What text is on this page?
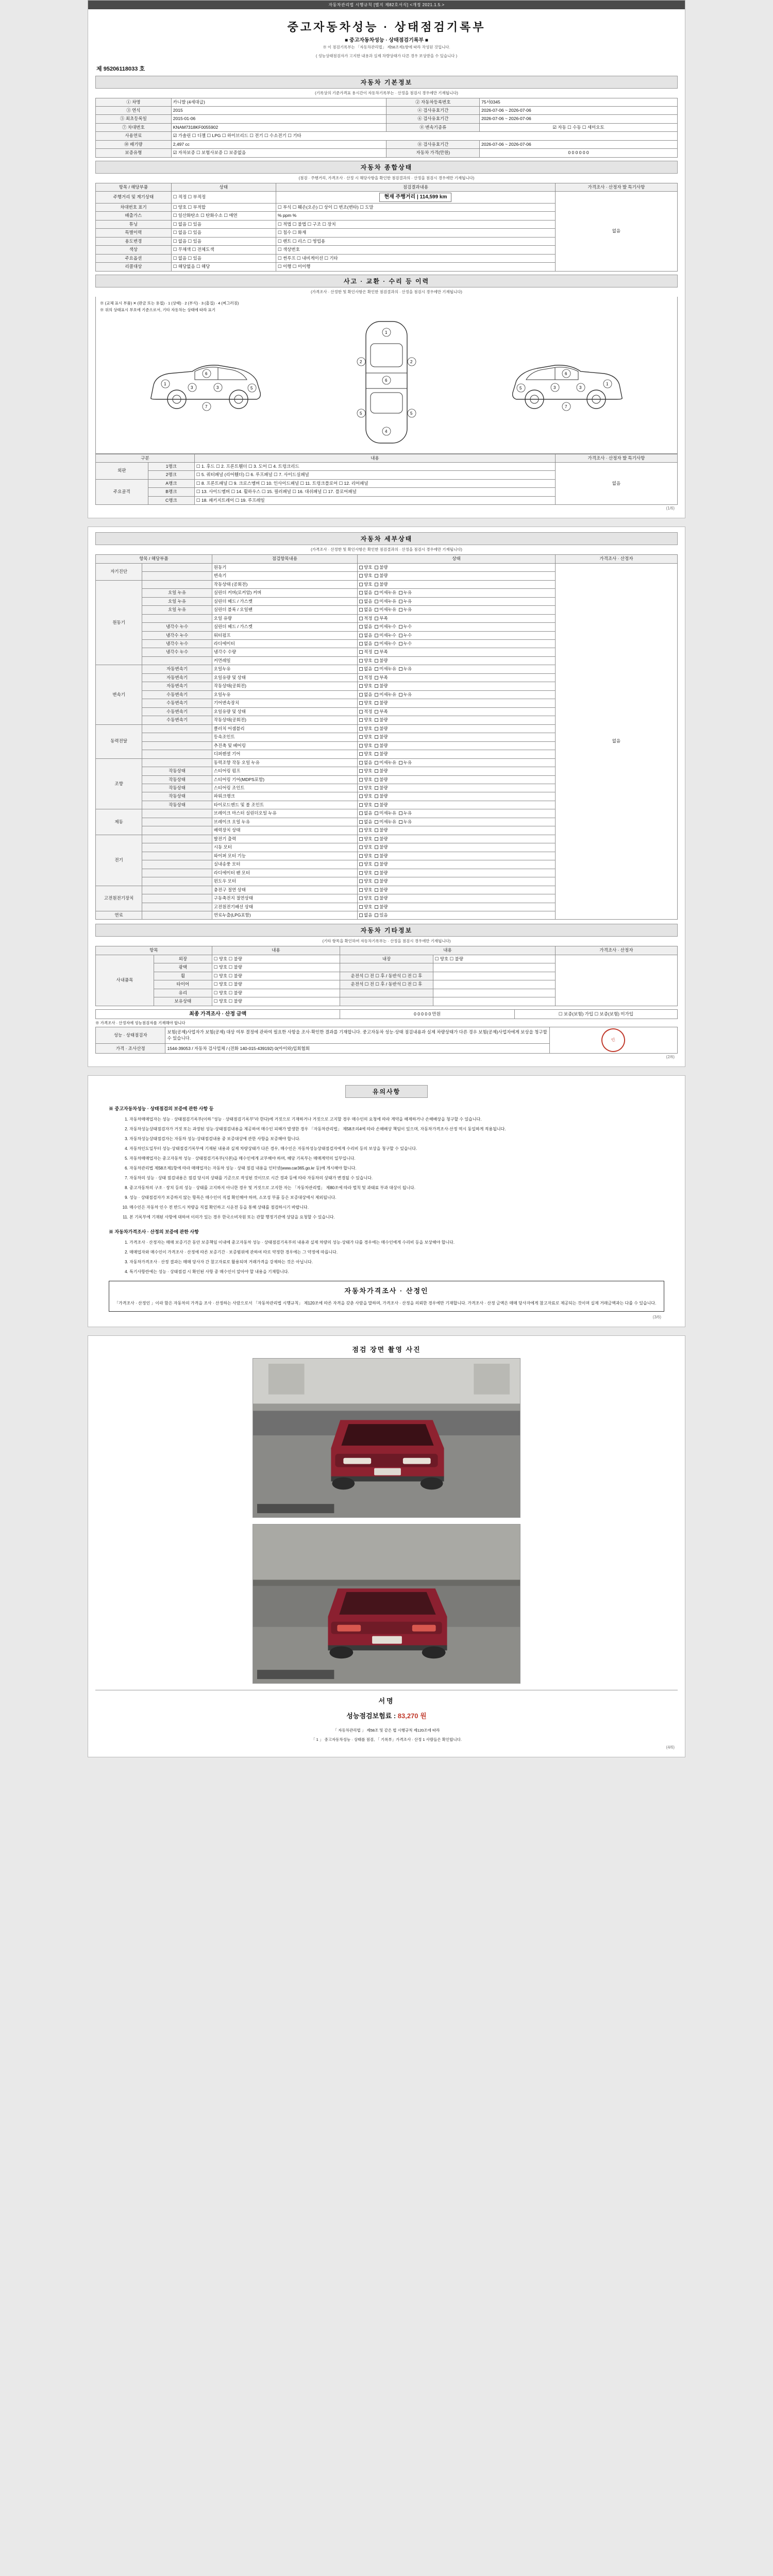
자동차관리법 시행규칙 [별지 제82호서식] <개정 2021.1.5.>
중고자동차성능 · 상태점검기록부
■ 중고자동차성능 · 상태점검기록부 ■
※ 이 점검기록부는 「자동차관리법」 제58조제1항에 따라 작성된 것입니다.
( 성능상태점검자가 고지한 내용과 실제 차량상태가 다른 경우 보상받을 수 있습니다 )
제 95206118033 호
자동차 기본정보
(기록상의 기준가격표 용시간이 자동차기록부는 · 산정을 점검시 경우에만 기재됩니다)
① 차명	카니발 (4세대급)	② 자동차등록번호	75서0345
③ 연식	2015	④ 검사유효기간	2026-07-06 ~ 2026-07-06
⑤ 최초등록일	2015-01-06	⑥ 검사유효기간	2026-07-06 ~ 2026-07-06
⑦ 차대번호	KNAM7318KF0055902	⑧ 변속기종류	☑ 자동 ☐ 수동 ☐ 세미오토
사용연료	☑ 가솔린 ☐ 디젤 ☐ LPG ☐ 하이브리드 ☐ 전기 ☐ 수소전기 ☐ 기타		
⑩ 배기량	2,497 cc	⑪ 검사유효기간	2026-07-06 ~ 2026-07-06
보증유형	☑ 자차보증 ☐ 보험사보증 ☐ 보증없음	자동차 가격(만원)	0 0 0 0 0 0
자동차 종합상태
(점검 · 주행거리, 가격조사 · 산정 시 해당사항을 확인한 점검결과의 · 산정을 점검시 경우에만 기재됩니다)
항목 / 해당부품	상태	점검결과내용	가격조사 · 산정자 발 특기사항
주행거리 및 계기상태	☐ 적정 ☐ 부적정	현재 주행거리 | 114,599 km	없음
차대번호 표기	☐ 양호 ☐ 부적합	☐ 부식 ☐ 훼손(오손) ☐ 상이 ☐ 변조(변타) ☐ 도말	
배출가스	☐ 일산화탄소 ☐ 탄화수소 ☐ 매연	% ppm %	
튜닝	☐ 없음 ☐ 있음	☐ 적법 ☐ 불법 ☐ 구조 ☐ 장치	
특별이력	☐ 없음 ☐ 있음	☐ 침수 ☐ 화재	
용도변경	☐ 없음 ☐ 있음	☐ 렌트 ☐ 리스 ☐ 영업용	
색상	☐ 무채색 ☐ 전체도색	☐ 색상번호	
주요옵션	☐ 없음 ☐ 있음	☐ 썬루프 ☐ 내비게이션 ☐ 기타	
리콜대상	☐ 해당없음 ☐ 해당	☐ 이행 ☐ 미이행	
사고 · 교환 · 수리 등 이력
(가격조사 · 산정한 및 확인사항은 확인한 점검결과의 · 산정을 점검시 경우에만 기재됩니다)
※ (교체 표시 부품) ✕ (판금 또는 용접) · 1 (상태) · 2 (부식) · 3 (흠집) · 4 (찌그러짐)
※ 위의 상태표시 부호에 기준으로서, 기타 자동차는 상태에 따라 표기
1
3	3	5
6
7
1
6
4
2	2
5	5
1
3
3
5
6
7
구분		내용	가격조사 · 산정자 발 특기사항
외판	1랭크	☐ 1. 후드 ☐ 2. 프론트휀더 ☐ 3. 도어 ☐ 4. 트렁크리드	없음
	2랭크	☐ 5. 쿼터패널 (리어휀더) ☐ 6. 루프패널 ☐ 7. 사이드실패널	
주요골격	A랭크	☐ 8. 프론트패널 ☐ 9. 크로스멤버 ☐ 10. 인사이드패널 ☐ 11. 트렁크플로어 ☐ 12. 리어패널	
	B랭크	☐ 13. 사이드멤버 ☐ 14. 휠하우스 ☐ 15. 필러패널 ☐ 16. 대쉬패널 ☐ 17. 플로어패널	
	C랭크	☐ 18. 패키지트레이 ☐ 19. 루프레일	
(1/6)
자동차 세부상태
(가격조사 · 산정한 및 확인사항은 확인한 점검결과의 · 산정을 점검시 경우에만 기재됩니다)
항목 / 해당부품		점검항목내용	상태	가격조사 · 산정자
자기진단		원동기	양호 불량	없음
		변속기	양호 불량	
원동기		작동상태 (공회전)	양호 불량	
	오일 누유	실린더 커버(로커암) 커버	없음 미세누유 누유	
	오일 누유	실린더 헤드 / 가스켓	없음 미세누유 누유	
	오일 누유	실린더 블록 / 오일팬	없음 미세누유 누유	
		오일 유량	적정 부족	
	냉각수 누수	실린더 헤드 / 가스켓	없음 미세누수 누수	
	냉각수 누수	워터펌프	없음 미세누수 누수	
	냉각수 누수	라디에이터	없음 미세누수 누수	
	냉각수 누수	냉각수 수량	적정 부족	
		커먼레일	양호 불량	
변속기	자동변속기	오일누유	없음 미세누유 누유	
	자동변속기	오일유량 및 상태	적정 부족	
	자동변속기	작동상태(공회전)	양호 불량	
	수동변속기	오일누유	없음 미세누유 누유	
	수동변속기	기어변속장치	양호 불량	
	수동변속기	오일유량 및 상태	적정 부족	
	수동변속기	작동상태(공회전)	양호 불량	
동력전달		클러치 어셈블리	양호 불량	
		등속조인트	양호 불량	
		추진축 및 베어링	양호 불량	
		디퍼렌셜 기어	양호 불량	
조향		동력조향 작동 오일 누유	없음 미세누유 누유	
	작동상태	스티어링 펌프	양호 불량	
	작동상태	스티어링 기어(MDPS포함)	양호 불량	
	작동상태	스티어링 조인트	양호 불량	
	작동상태	파워크랭크	양호 불량	
	작동상태	타이로드엔드 및 볼 조인트	양호 불량	
제동		브레이크 마스터 실린더오일 누유	없음 미세누유 누유	
		브레이크 오일 누유	없음 미세누유 누유	
		배력장치 상태	양호 불량	
전기		발전기 출력	양호 불량	
		시동 모터	양호 불량	
		와이퍼 모터 기능	양호 불량	
		실내송풍 모터	양호 불량	
		라디에이터 팬 모터	양호 불량	
		윈도우 모터	양호 불량	
고전원전기장치		충전구 절연 상태	양호 불량	
		구동축전지 절연상태	양호 불량	
		고전원전기배선 상태	양호 불량	
연료		연료누출(LPG포함)	없음 있음	
자동차 기타정보
(기타 항목을 확인하여 자동차기록부는 · 산정을 점검시 경우에만 기재됩니다)
항목		내용	내용		가격조사 · 산정자
사내품목	외장	☐ 양호 ☐ 불량	내장	☐ 양호 ☐ 불량	
	광택	☐ 양호 ☐ 불량			
	휠	☐ 양호 ☐ 불량	운전석 ☐ 전 ☐ 후 / 동반석 ☐ 전 ☐ 후		
	타이어	☐ 양호 ☐ 불량	운전석 ☐ 전 ☐ 후 / 동반석 ☐ 전 ☐ 후		
	유리	☐ 양호 ☐ 불량			
	보유상태	☐ 양호 ☐ 불량			
최종 가격조사 · 산정 금액	0 0 0 0 0 만원	☐ 보증(보험) 가입 ☐ 보증(보험) 미가입
※ 가격조사 · 산정자에 성능점검자를 기재해야 합니다
성능 · 상태점검자	보험(공제)사업자가 보험(공제) 대상 여부 결정에 관하여 필요한 사항을 조사·확인한 결과를 기재합니다. 중고자동차 성능·상태 점검내용과 실제 차량상태가 다른 경우 보험(공제)사업자에게 보상을 청구할 수 있습니다.	인

가격 · 조사산정	1544-39053 / 자동차 검사업체 / (전화 140-015-439192) 0(아이와)입회협회	
(2/6)
유의사항
※ 중고자동차성능 · 상태점검의 보증에 관한 사항 등
1. 자동차매매업자는 성능 · 상태점검기록부(이하 "성능 · 상태점검기록부"라 한다)에 거짓으로 기재하거나 거짓으로 고지할 경우 매수인의 요청에 따라 계약을 해제하거나 손해배상을 청구할 수 있습니다.
2. 자동차성능상태점검자가 거짓 또는 과장된 성능·상태점검내용을 제공하여 매수인 피해가 발생한 경우 「자동차관리법」 제58조의4에 따라 손해배상 책임이 있으며, 자동차가격조사·산정 역시 동일하게 적용됩니다.
3. 자동차성능상태점검자는 자동차 성능·상태점검내용 중 보증대상에 관한 사항을 보증해야 합니다.
4. 자동차인도일부터 성능·상태점검기록부에 기재된 내용과 실제 차량상태가 다른 경우, 매수인은 자동차성능상태점검자에게 수리비 등의 보상을 청구할 수 있습니다.
5. 자동차매매업자는 중고자동차 성능 · 상태점검기록부(사본)을 매수인에게 교부해야 하며, 해당 기록부는 매매계약의 일부입니다.
6. 자동차관리법 제58조제1항에 따라 매매업자는 자동차 성능 · 상태 점검 내용을 인터넷(www.car365.go.kr 등)에 게시해야 합니다.
7. 자동차의 성능 · 상태 점검내용은 점검 당시의 상태를 기준으로 작성된 것이므로 시간 경과 등에 따라 자동차의 상태가 변경될 수 있습니다.
8. 중고자동차의 구조 · 장치 등의 성능 · 상태를 고지하지 아니한 경우 및 거짓으로 고지한 자는 「자동차관리법」 제80조에 따라 벌칙 및 과태료 부과 대상이 됩니다.
9. 성능 · 상태점검자가 보증하지 않는 항목은 매수인이 직접 확인해야 하며, 소모성 부품 등은 보증대상에서 제외됩니다.
10. 매수인은 자동차 인수 전 반드시 차량을 직접 확인하고 시운전 등을 통해 상태를 점검하시기 바랍니다.
11. 본 기록부에 기재된 사항에 대하여 이의가 있는 경우 한국소비자원 또는 관할 행정기관에 상담을 요청할 수 있습니다.
※ 자동차가격조사 · 산정의 보증에 관한 사항
1. 가격조사 · 산정자는 매매 보증기간 동안 보증책임 이내에 중고자동차 성능 · 상태점검기록부의 내용과 실제 차량의 성능·상태가 다를 경우에는 매수인에게 수리비 등을 보상해야 합니다.
2. 매매업자와 매수인이 가격조사 · 산정에 따른 보증기간 · 보증범위에 관하여 따로 약정한 경우에는 그 약정에 따릅니다.
3. 자동차가격조사 · 산정 결과는 매매 당사자 간 참고자료로 활용되며 거래가격을 강제하는 것은 아닙니다.
4. 특기사항란에는 성능 · 상태점검 시 확인된 사항 중 매수인이 알아야 할 내용을 기재합니다.
자동차가격조사 · 산정인
「가격조사 · 산정인 」이라 함은 자동차의 가격을 조사 · 산정하는 사람으로서 「자동차관리법 시행규칙」 제120조에 따른 자격을 갖춘 사람을 말하며, 가격조사 · 산정을 의뢰한 경우에만 기재합니다. 가격조사 · 산정 금액은 매매 당사자에게 참고자료로 제공되는 것이며 실제 거래금액과는 다를 수 있습니다.
(3/6)
점검 장면 촬영 사진
서명
성능점검보험료 : 83,270 원
「 자동차관리법 」 제58조 및 같은 법 시행규칙 제120조에 따라
「 1 」 중고자동차성능 · 상태를 점검, 「 기록부」가격조사 · 산정 1 사람들은 확인합니다.
(4/6)
